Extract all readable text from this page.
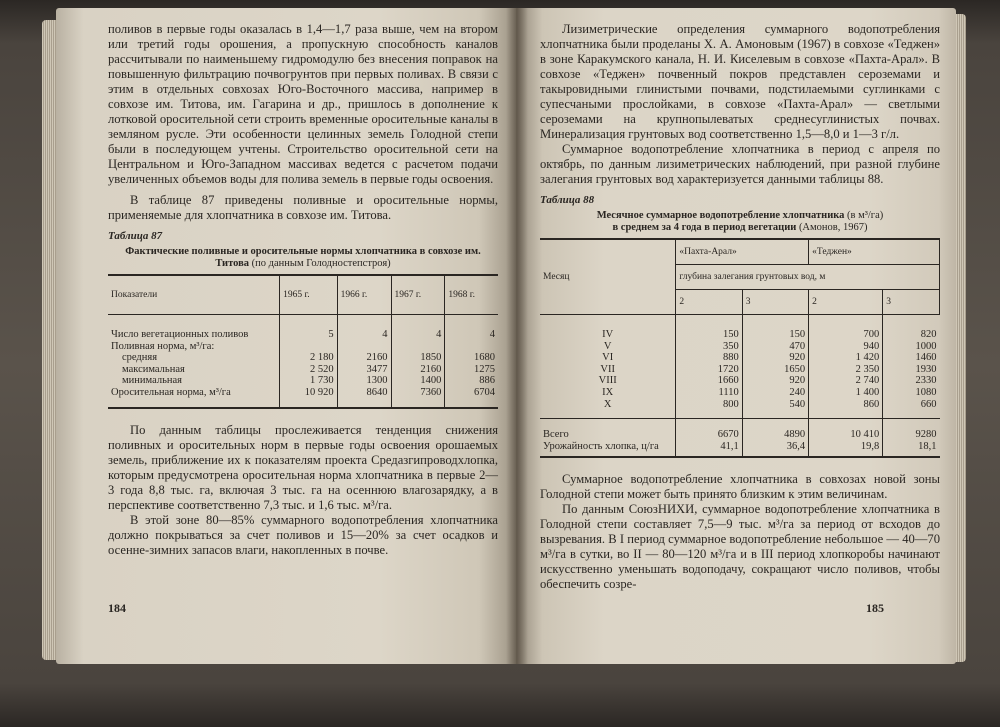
поливов в первые годы оказалась в 1,4—1,7 раза выше, чем на втором или третий годы орошения, а пропускную способность каналов рассчитывали по наименьшему гидромодулю без внесения поправок на повышенную фильтрацию почвогрунтов при первых поливах. В связи с этим в отдельных совхозах Юго-Восточного массива, например в совхозе им. Титова, им. Гагарина и др., пришлось в дополнение к лотковой оросительной сети строить временные оросительные каналы в земляном русле. Эти особенности целинных земель Голодной степи были в последующем учтены. Строительство оросительной сети на Центральном и Юго-Западном массивах ведется с расчетом подачи увеличенных объемов воды для полива земель в первые годы освоения.

В таблице 87 приведены поливные и оросительные нормы, применяемые для хлопчатника в совхозе им. Титова.

Таблица 87
Фактические поливные и оросительные нормы хлопчатника в совхозе им. Титова (по данным Голодностепстроя)
Показатели	1965 г.	1966 г.	1967 г.	1968 г.
Число вегетационных поливов	5	4	4	4
Поливная норма, м³/га:				
средняя	2 180	2160	1850	1680
максимальная	2 520	3477	2160	1275
минимальная	1 730	1300	1400	886
Оросительная норма, м³/га	10 920	8640	7360	6704

По данным таблицы прослеживается тенденция снижения поливных и оросительных норм в первые годы освоения орошаемых земель, приближение их к показателям проекта Средазгипроводхлопка, которым предусмотрена оросительная норма хлопчатника в первые 2—3 года 8,8 тыс. га, включая 3 тыс. га на осеннюю влагозарядку, а в перспективе соответственно 7,3 тыс. и 1,6 тыс. м³/га.

В этой зоне 80—85% суммарного водопотребления хлопчатника должно покрываться за счет поливов и 15—20% за счет осадков и осенне-зимних запасов влаги, накопленных в почве.

184

Лизиметрические определения суммарного водопотребления хлопчатника были проделаны Х. А. Амоновым (1967) в совхозе «Теджен» в зоне Каракумского канала, Н. И. Киселевым в совхозе «Пахта-Арал». В совхозе «Теджен» почвенный покров представлен сероземами и такыровидными глинистыми почвами, подстилаемыми суглинками с супесчаными прослойками, в совхозе «Пахта-Арал» — светлыми сероземами на крупнопылеватых среднесуглинистых почвах. Минерализация грунтовых вод соответственно 1,5—8,0 и 1—3 г/л.

Суммарное водопотребление хлопчатника в период с апреля по октябрь, по данным лизиметрических наблюдений, при разной глубине залегания грунтовых вод характеризуется данными таблицы 88.

Таблица 88
Месячное суммарное водопотребление хлопчатника (в м³/га)
в среднем за 4 года в период вегетации (Амонов, 1967)
Месяц	«Пахта-Арал»		«Теджен»	
	глубина залегания грунтовых вод, м			
	2	3	2	3
IV	150	150	700	820
V	350	470	940	1000
VI	880	920	1 420	1460
VII	1720	1650	2 350	1930
VIII	1660	920	2 740	2330
IX	1110	240	1 400	1080
X	800	540	860	660
Всего	6670	4890	10 410	9280
Урожайность хлопка, ц/га	41,1	36,4	19,8	18,1

Суммарное водопотребление хлопчатника в совхозах новой зоны Голодной степи может быть принято близким к этим величинам.

По данным СоюзНИХИ, суммарное водопотребление хлопчатника в Голодной степи составляет 7,5—9 тыс. м³/га за период от всходов до вызревания. В I период суммарное водопотребление небольшое — 40—70 м³/га в сутки, во II — 80—120 м³/га и в III период хлопкоробы начинают искусственно уменьшать водоподачу, сокращают число поливов, чтобы обеспечить созре-

185
